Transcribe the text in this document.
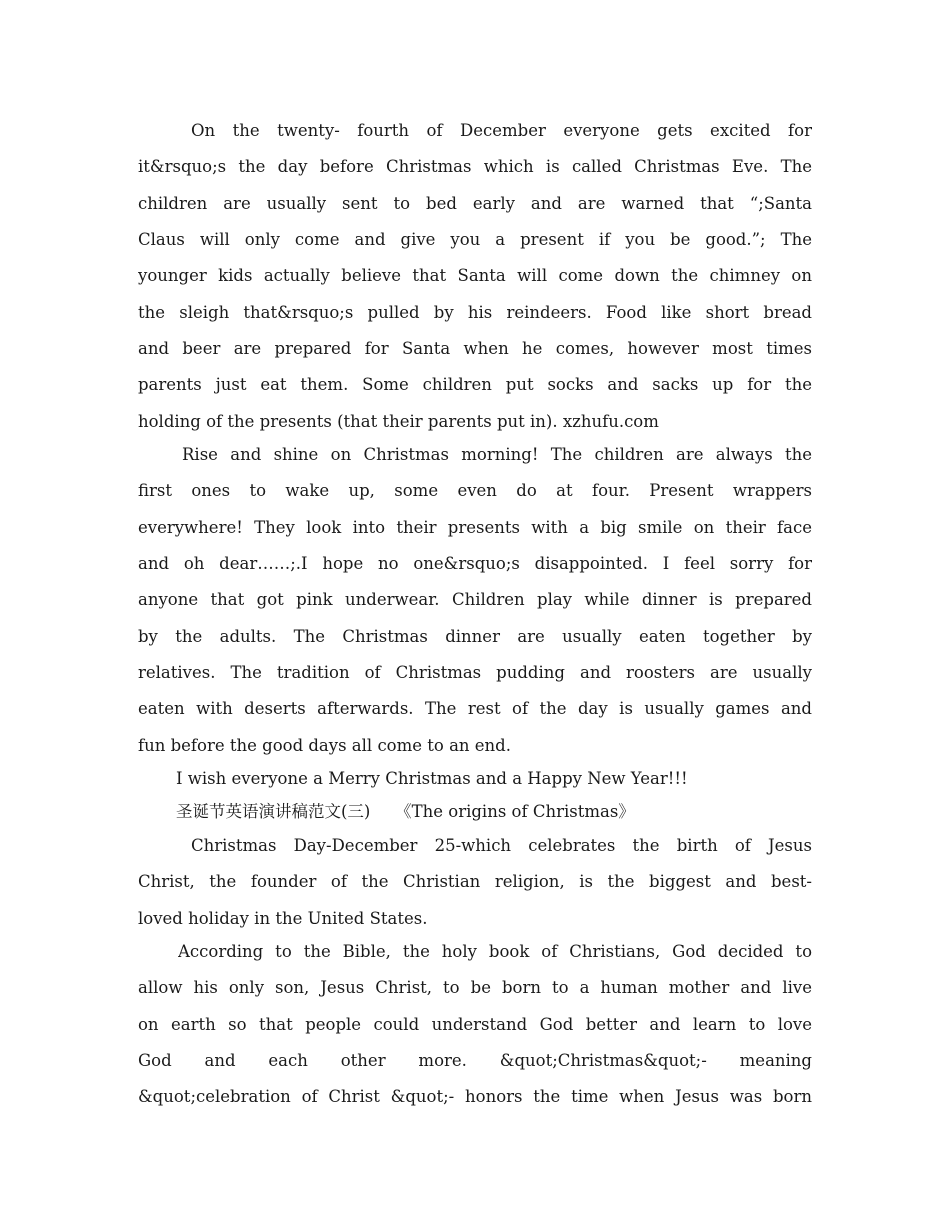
On the twenty- fourth of December everyone gets excited for
it&rsquo;s the day before Christmas which is called Christmas Eve. The
children are usually sent to bed early and are warned that “;Santa
Claus will only come and give you a present if you be good.”; The
younger kids actually believe that Santa will come down the chimney on
the sleigh that&rsquo;s pulled by his reindeers. Food like short bread
and beer are prepared for Santa when he comes, however most times
parents just eat them. Some children put socks and sacks up for the
holding of the presents (that their parents put in). xzhufu.com
Rise and shine on Christmas morning! The children are always the
first ones to wake up, some even do at four. Present wrappers
everywhere! They look into their presents with a big smile on their face
and oh dear……;.I hope no one&rsquo;s disappointed. I feel sorry for
anyone that got pink underwear. Children play while dinner is prepared
by the adults. The Christmas dinner are usually eaten together by
relatives. The tradition of Christmas pudding and roosters are usually
eaten with deserts afterwards. The rest of the day is usually games and
fun before the good days all come to an end.
I wish everyone a Merry Christmas and a Happy New Year!!!
圣诞节英语演讲稿范文(三)　　《The origins of Christmas》
Christmas Day-December 25-which celebrates the birth of Jesus
Christ, the founder of the Christian religion, is the biggest and best-
loved holiday in the United States.
According to the Bible, the holy book of Christians, God decided to
allow his only son, Jesus Christ, to be born to a human mother and live
on earth so that people could understand God better and learn to love
God and each other more. &quot;Christmas&quot;- meaning
&quot;celebration of Christ &quot;- honors the time when Jesus was born
